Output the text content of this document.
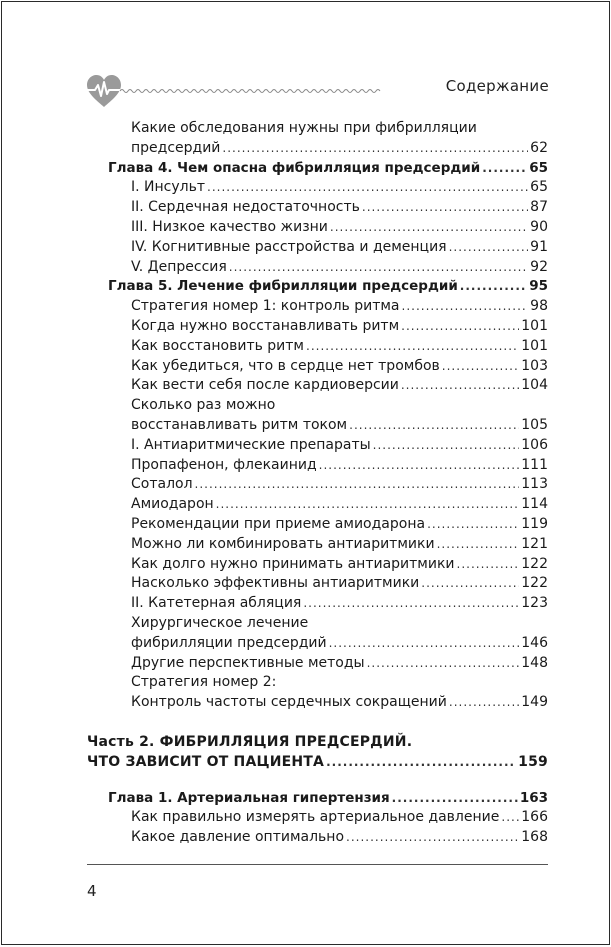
Содержание
Какие обследования нужны при фибрилляции
предсердий .....	62
Глава 4. Чем опасна фибрилляция предсердий .....	65
I. Инсульт .....	65
II. Сердечная недостаточность .....	87
III. Низкое качество жизни .....	90
IV. Когнитивные расстройства и деменция .....	91
V. Депрессия .....	92
Глава 5. Лечение фибрилляции предсердий .....	95
Стратегия номер 1: контроль ритма .....	98
Когда нужно восстанавливать ритм .....	101
Как восстановить ритм .....	101
Как убедиться, что в сердце нет тромбов .....	103
Как вести себя после кардиоверсии .....	104
Сколько раз можно
восстанавливать ритм током .....	105
I. Антиаритмические препараты .....	106
Пропафенон, флекаинид .....	111
Соталол .....	113
Амиодарон .....	114
Рекомендации при приеме амиодарона .....	119
Можно ли комбинировать антиаритмики .....	121
Как долго нужно принимать антиаритмики .....	122
Насколько эффективны антиаритмики .....	122
II. Катетерная абляция .....	123
Хирургическое лечение
фибрилляции предсердий .....	146
Другие перспективные методы .....	148
Стратегия номер 2:
Контроль частоты сердечных сокращений .....	149
Часть 2. ФИБРИЛЛЯЦИЯ ПРЕДСЕРДИЙ.
ЧТО ЗАВИСИТ ОТ ПАЦИЕНТА .....	159
Глава 1. Артериальная гипертензия .....	163
Как правильно измерять артериальное давление ..... 166
Какое давление оптимально .....	168
4
